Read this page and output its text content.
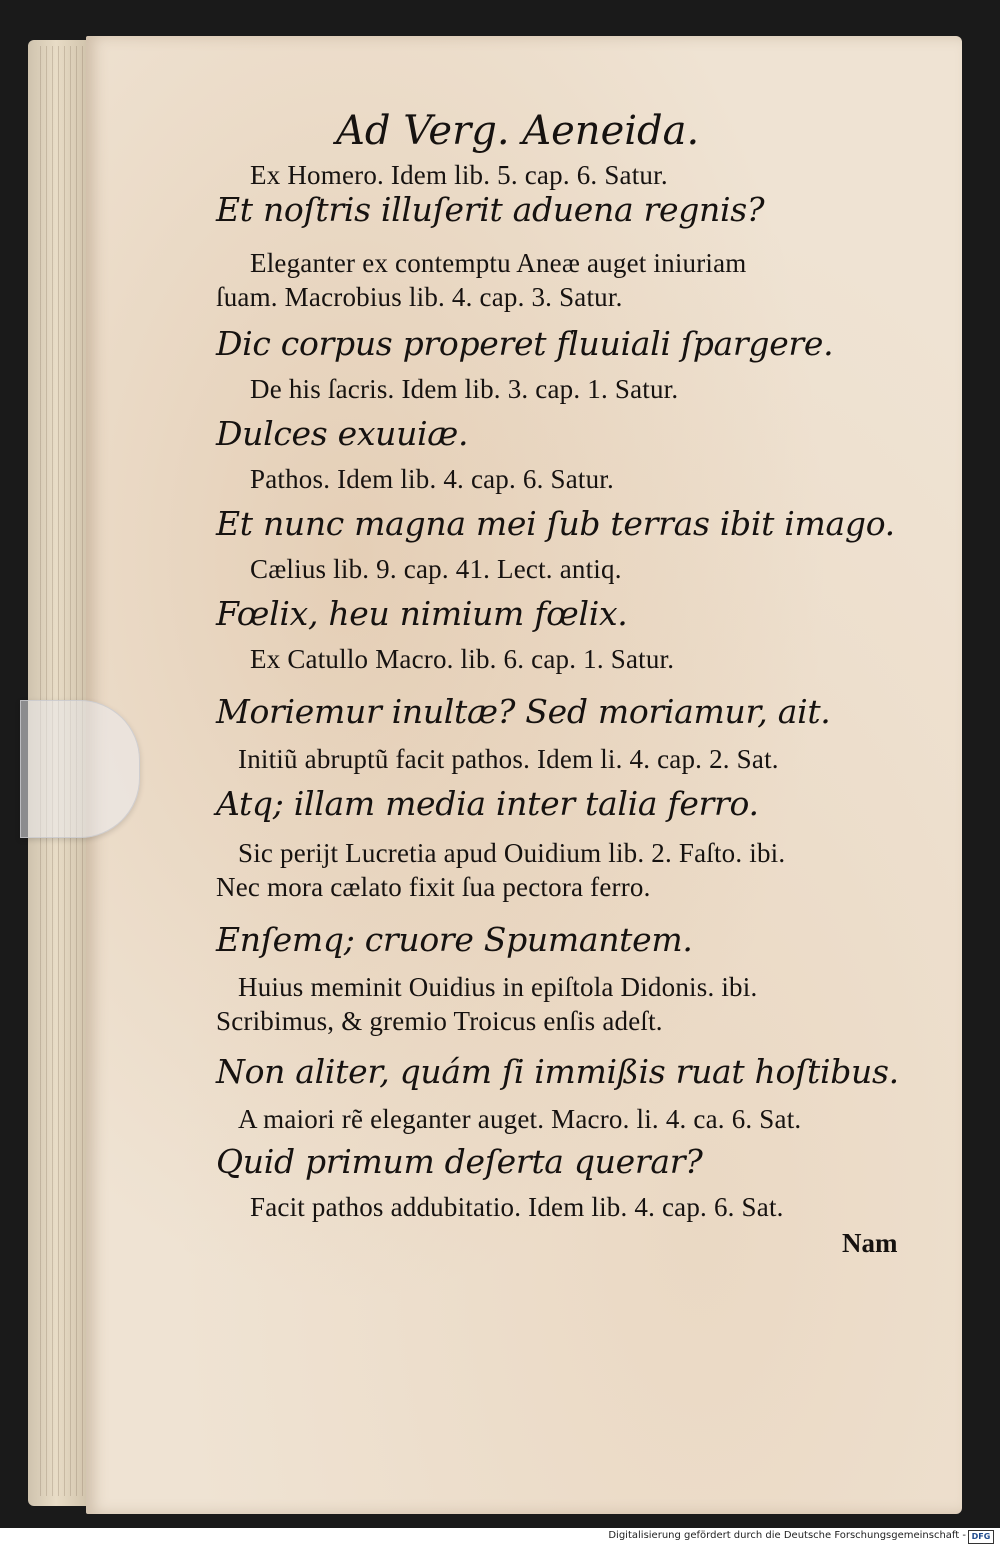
Ad Verg. Aeneida.
Ex Homero. Idem lib. 5. cap. 6. Satur.
Et noſtris illuſerit aduena regnis?
Eleganter ex contemptu Aneæ auget iniuriam
ſuam. Macrobius lib. 4. cap. 3. Satur.
Dic corpus properet fluuiali ſpargere.
De his ſacris. Idem lib. 3. cap. 1. Satur.
Dulces exuuiæ.
Pathos. Idem lib. 4. cap. 6. Satur.
Et nunc magna mei ſub terras ibit imago.
Cælius lib. 9. cap. 41. Lect. antiq.
Fœlix, heu nimium fœlix.
Ex Catullo Macro. lib. 6. cap. 1. Satur.
Moriemur inultæ? Sed moriamur, ait.
Initiũ abruptũ facit pathos. Idem li. 4. cap. 2. Sat.
Atq; illam media inter talia ferro.
Sic perijt Lucretia apud Ouidium lib. 2. Faſto. ibi.
Nec mora cælato fixit ſua pectora ferro.
Enſemq; cruore Spumantem.
Huius meminit Ouidius in epiſtola Didonis. ibi.
Scribimus, & gremio Troicus enſis adeſt.
Non aliter, quám ſi immißis ruat hoſtibus.
A maiori rẽ eleganter auget. Macro. li. 4. ca. 6. Sat.
Quid primum deſerta querar?
Facit pathos addubitatio. Idem lib. 4. cap. 6. Sat.
Nam
Digitalisierung gefördert durch die Deutsche Forschungsgemeinschaft - DFG
